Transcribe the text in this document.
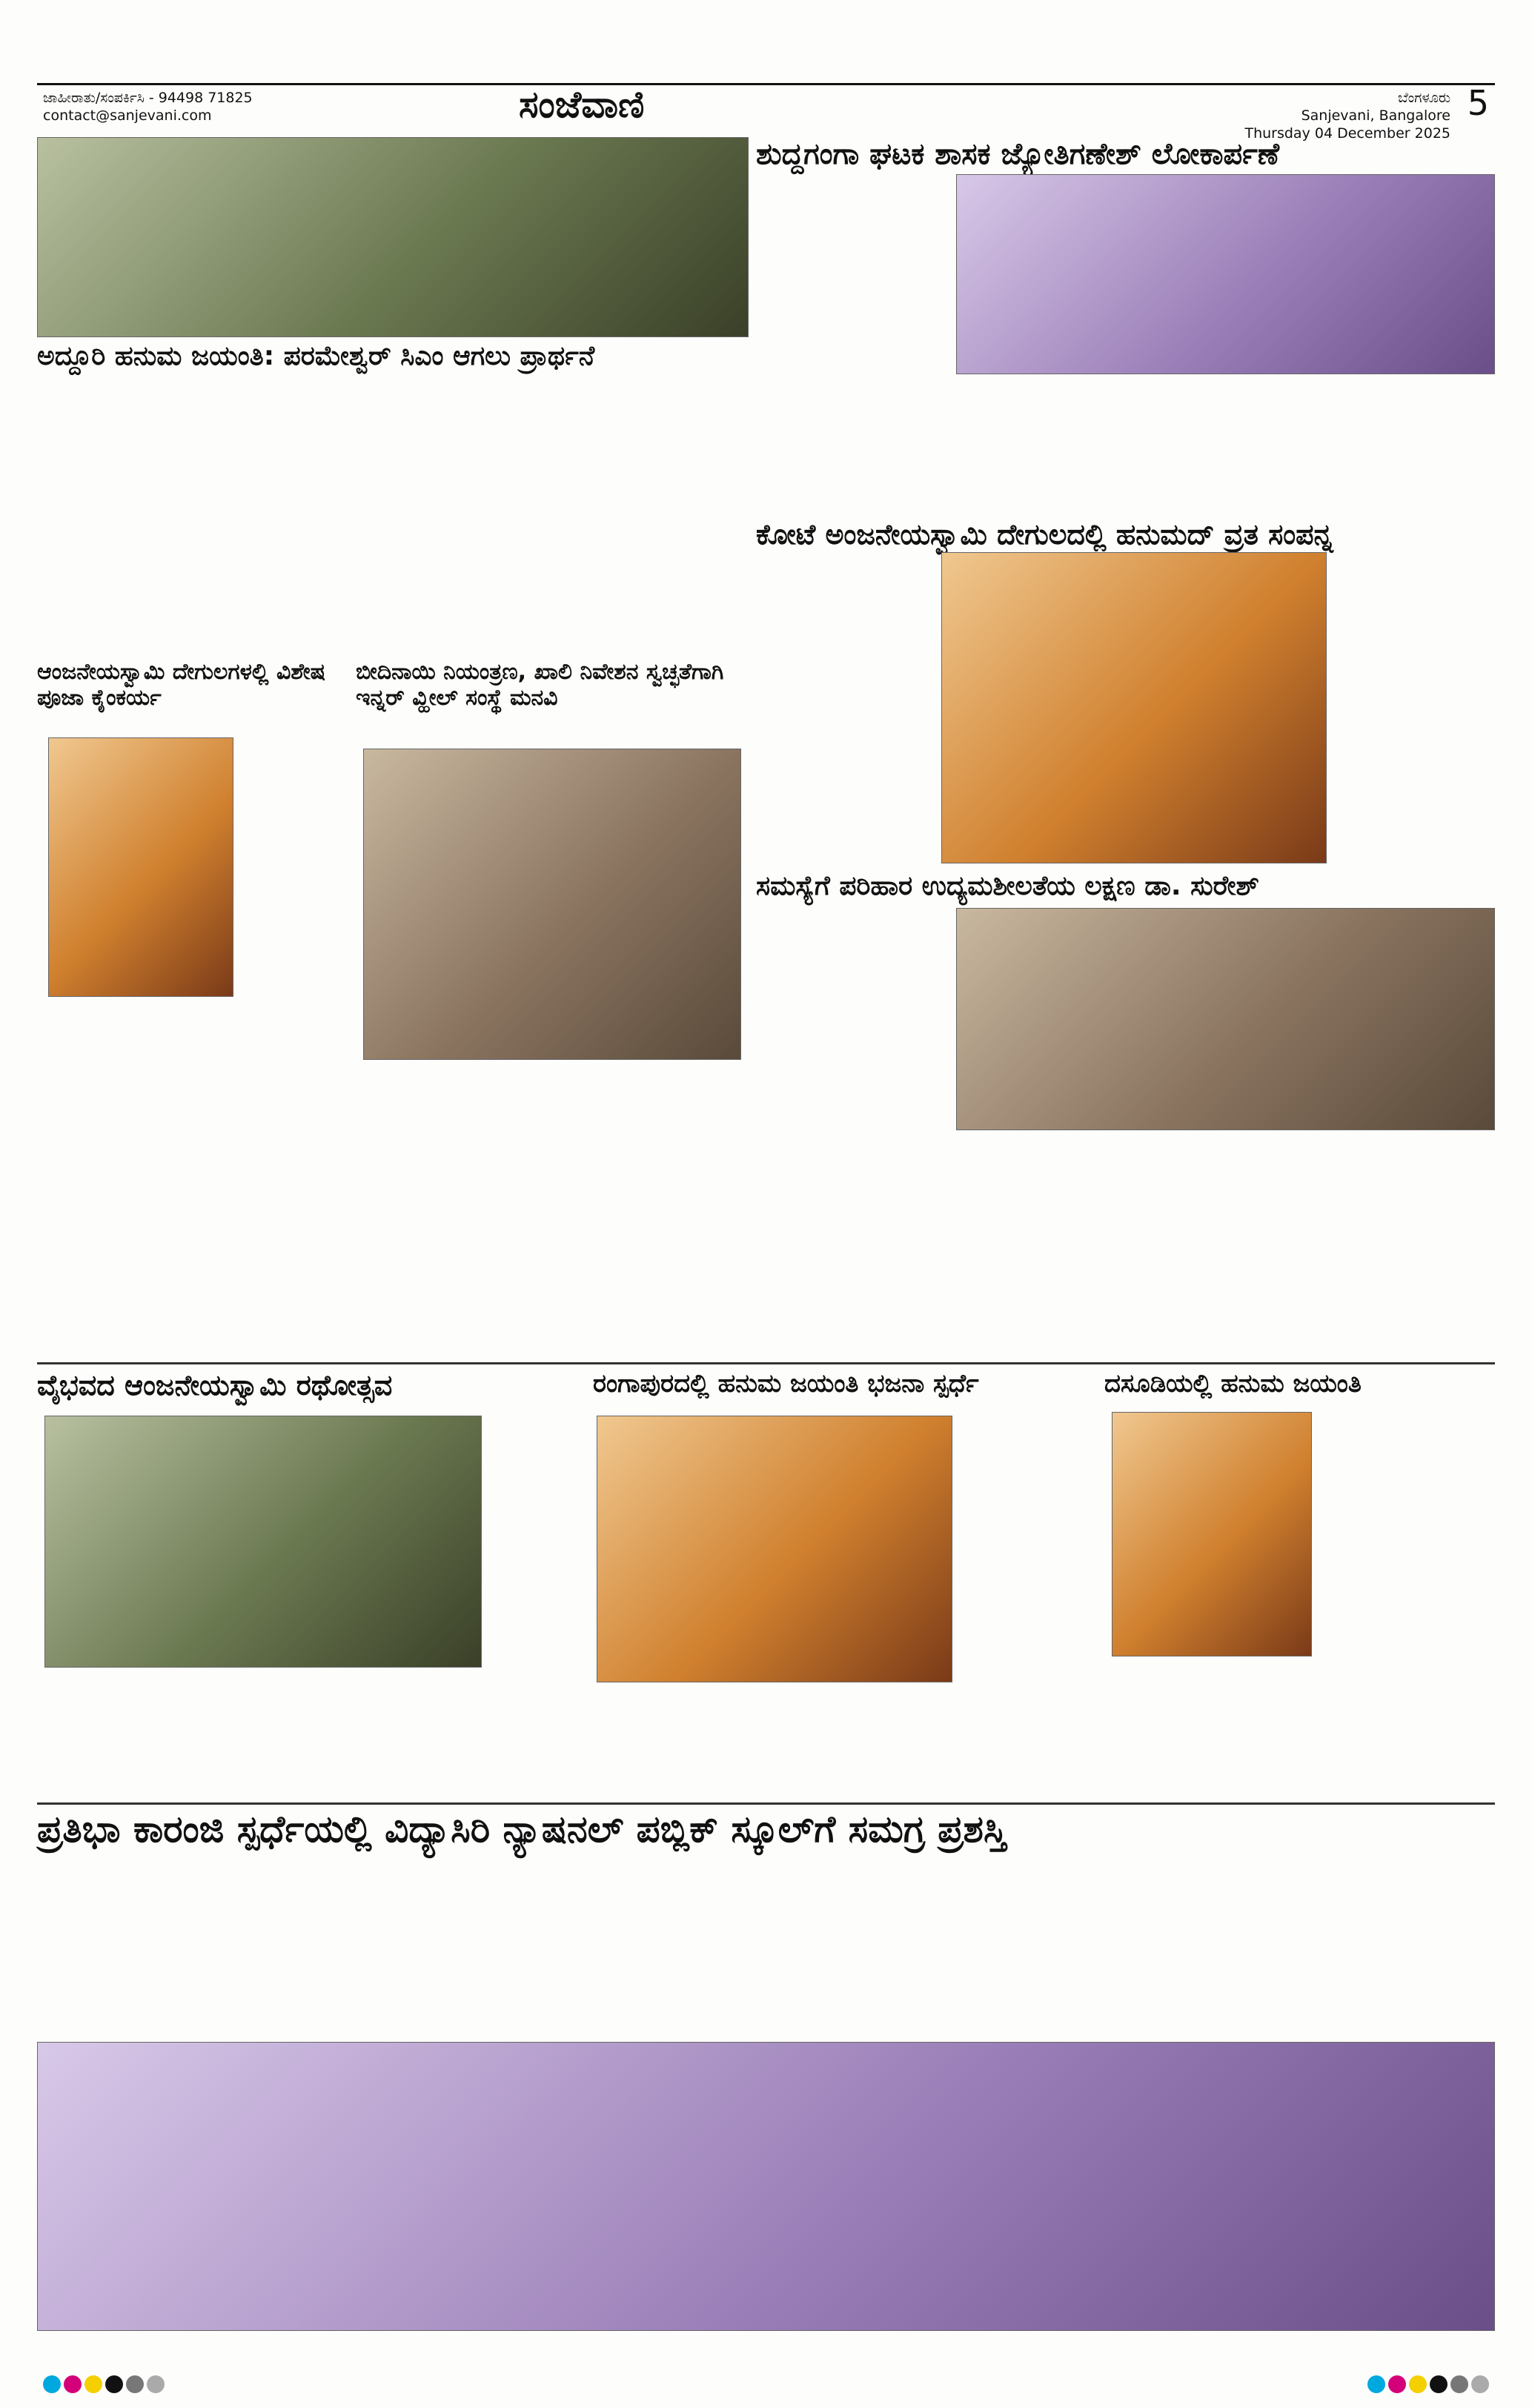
ಜಾಹೀರಾತು/ಸಂಪರ್ಕಿಸಿ - 94498 71825
contact@sanjevani.com	ಸಂಜೆವಾಣಿ	ಬೆಂಗಳೂರು
Sanjevani, Bangalore
Thursday 04 December 2025
5
ಶುದ್ದಗಂಗಾ ಘಟಕ ಶಾಸಕ ಜ್ಯೋತಿಗಣೇಶ್ ಲೋಕಾರ್ಪಣೆ
ಅದ್ದೂರಿ ಹನುಮ ಜಯಂತಿ: ಪರಮೇಶ್ವರ್ ಸಿಎಂ ಆಗಲು ಪ್ರಾರ್ಥನೆ
ಕೋಟೆ ಅಂಜನೇಯಸ್ವಾಮಿ ದೇಗುಲದಲ್ಲಿ ಹನುಮದ್ ವ್ರತ ಸಂಪನ್ನ
ಆಂಜನೇಯಸ್ವಾಮಿ ದೇಗುಲಗಳಲ್ಲಿ ವಿಶೇಷ ಪೂಜಾ ಕೈಂಕರ್ಯ
ಬೀದಿನಾಯಿ ನಿಯಂತ್ರಣ, ಖಾಲಿ ನಿವೇಶನ ಸ್ವಚ್ಛತೆಗಾಗಿ ಇನ್ನರ್ ವ್ಹೀಲ್ ಸಂಸ್ಥೆ ಮನವಿ
ಸಮಸ್ಯೆಗೆ ಪರಿಹಾರ ಉದ್ಯಮಶೀಲತೆಯ ಲಕ್ಷಣ ಡಾ. ಸುರೇಶ್
ವೈಭವದ ಆಂಜನೇಯಸ್ವಾಮಿ ರಥೋತ್ಸವ	ರಂಗಾಪುರದಲ್ಲಿ ಹನುಮ ಜಯಂತಿ ಭಜನಾ ಸ್ಪರ್ಧೆ	ದಸೂಡಿಯಲ್ಲಿ ಹನುಮ ಜಯಂತಿ
ಪ್ರತಿಭಾ ಕಾರಂಜಿ ಸ್ಪರ್ಧೆಯಲ್ಲಿ ವಿದ್ಯಾಸಿರಿ ನ್ಯಾಷನಲ್ ಪಬ್ಲಿಕ್ ಸ್ಕೂಲ್‌ಗೆ ಸಮಗ್ರ ಪ್ರಶಸ್ತಿ
